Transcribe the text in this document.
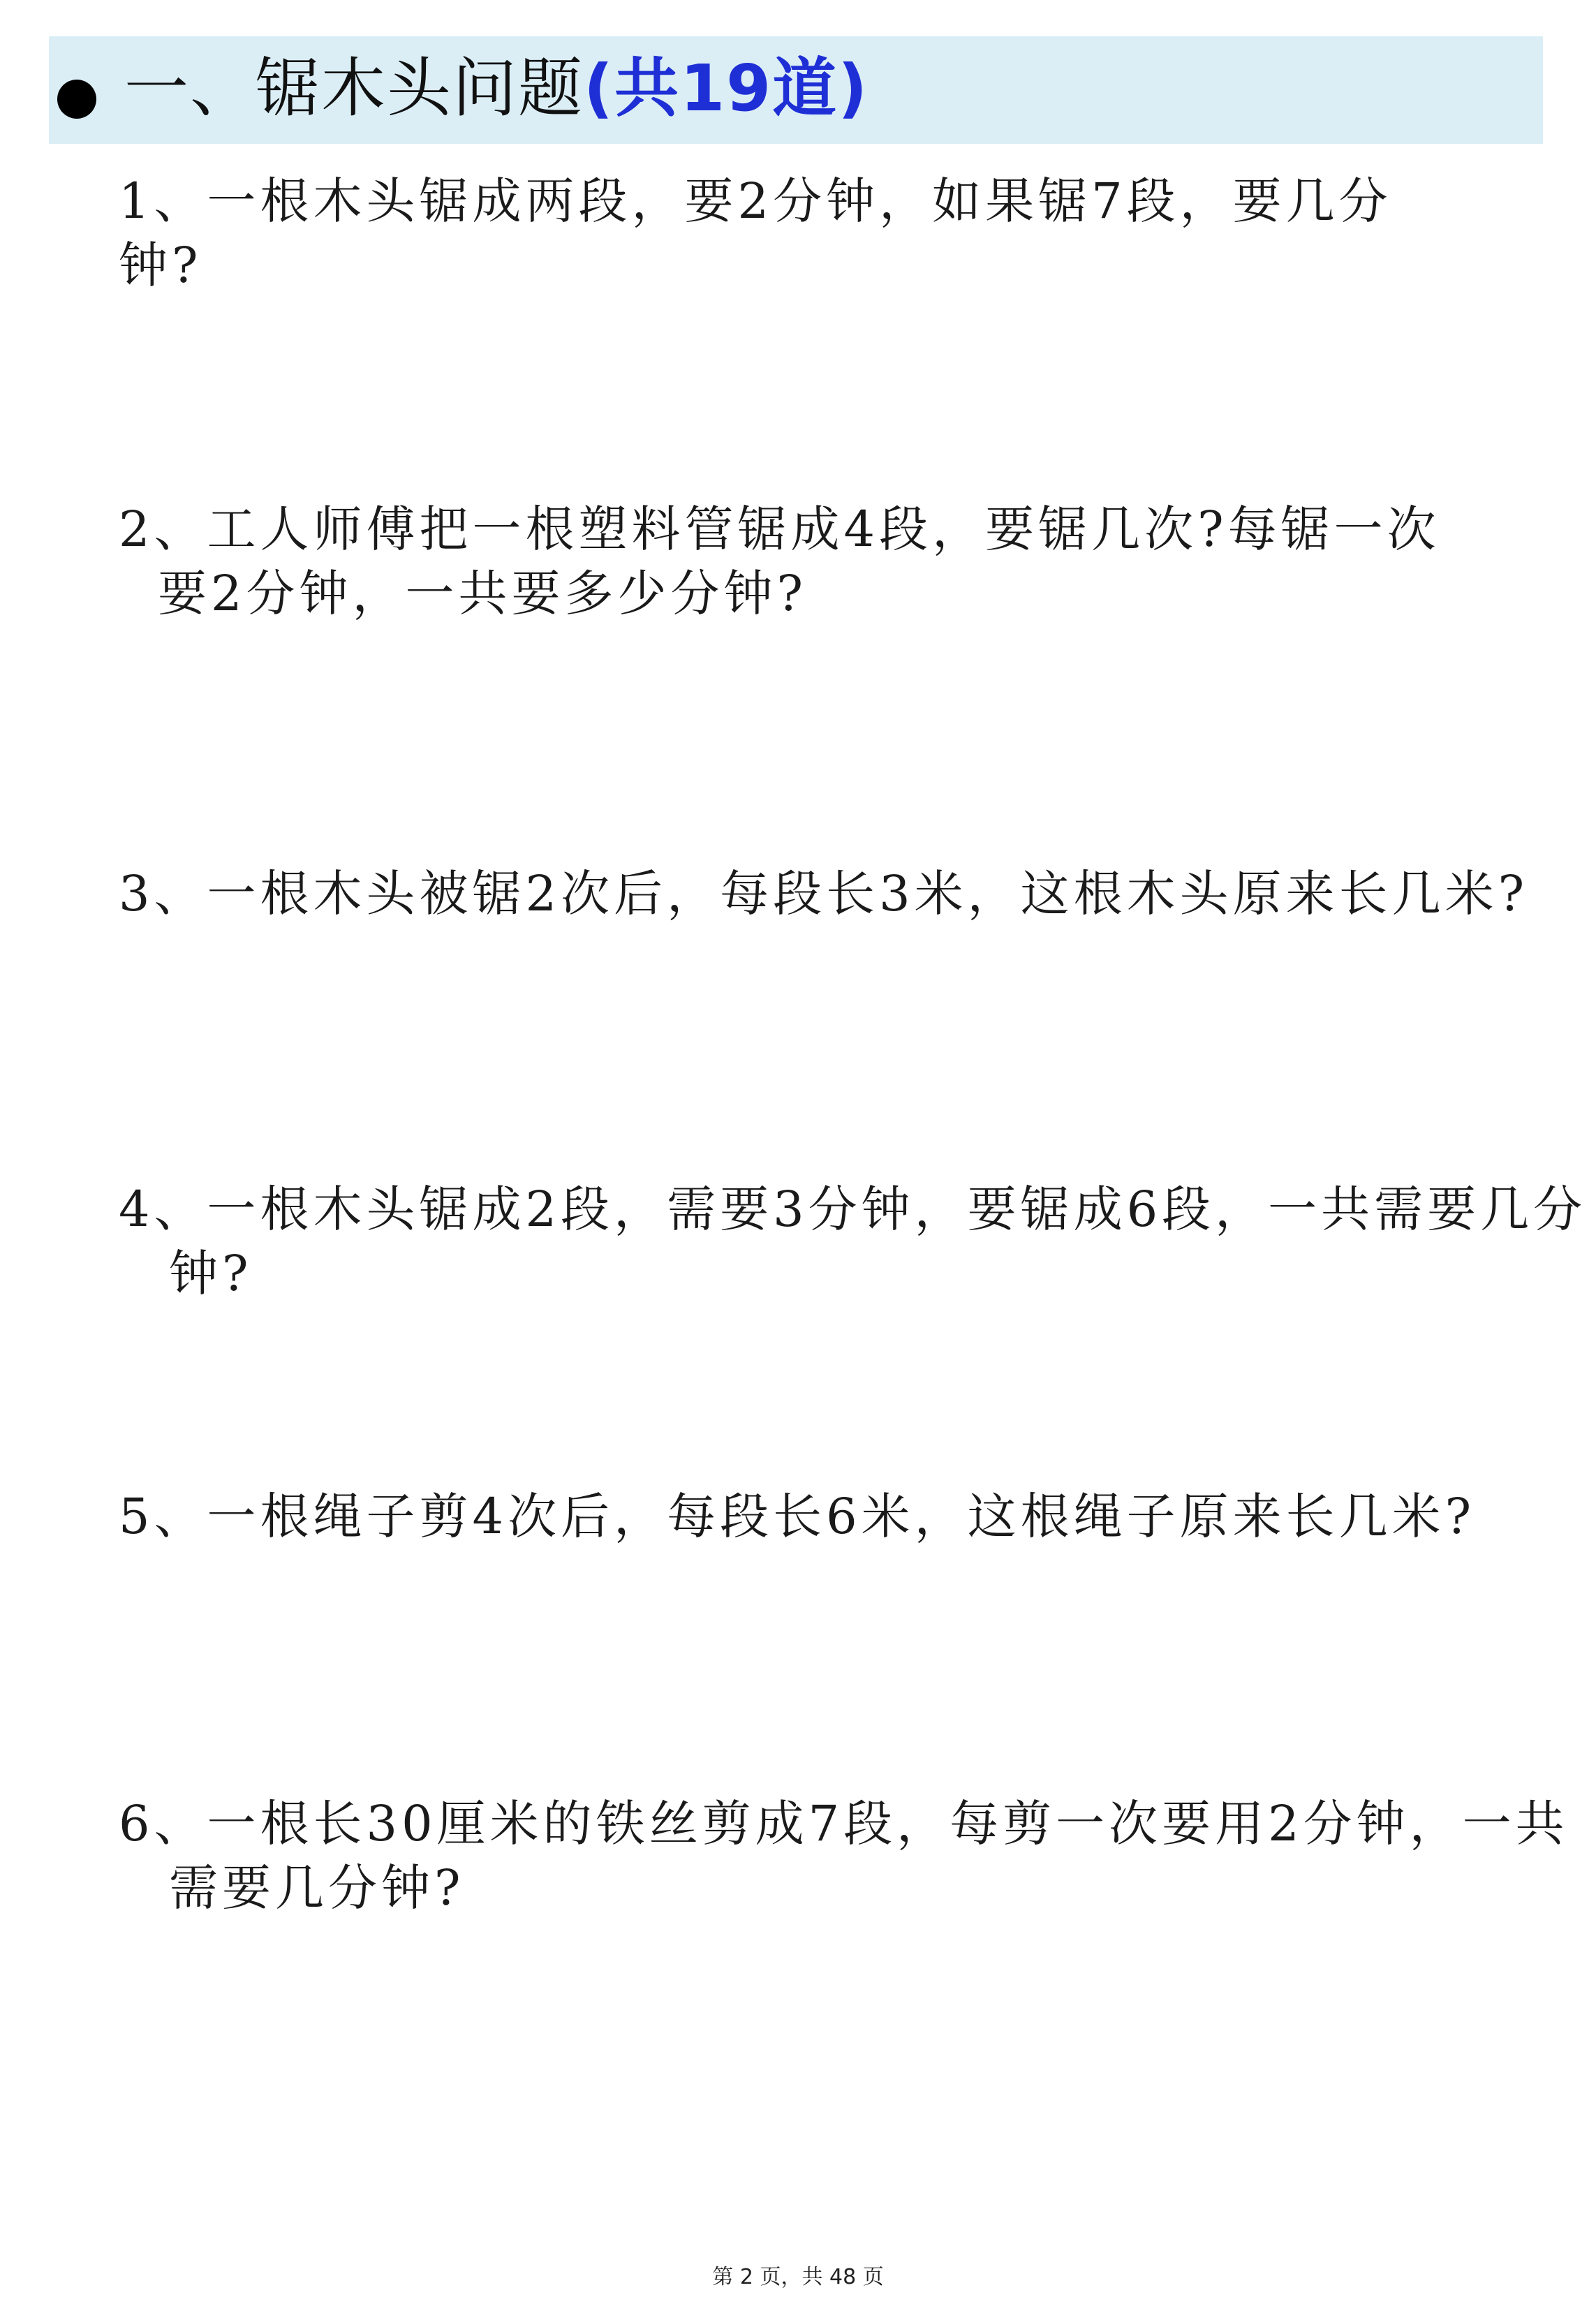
一、锯木头问题(共19道)
1、一根木头锯成两段，要2分钟，如果锯7段，要几分
钟?
2、工人师傅把一根塑料管锯成4段，要锯几次?每锯一次
要2分钟，一共要多少分钟?
3、一根木头被锯2次后，每段长3米，这根木头原来长几米?
4、一根木头锯成2段，需要3分钟，要锯成6段，一共需要几分
钟?
5、一根绳子剪4次后，每段长6米，这根绳子原来长几米?
6、一根长30厘米的铁丝剪成7段，每剪一次要用2分钟，一共
需要几分钟?
第 2 页，共 48 页
